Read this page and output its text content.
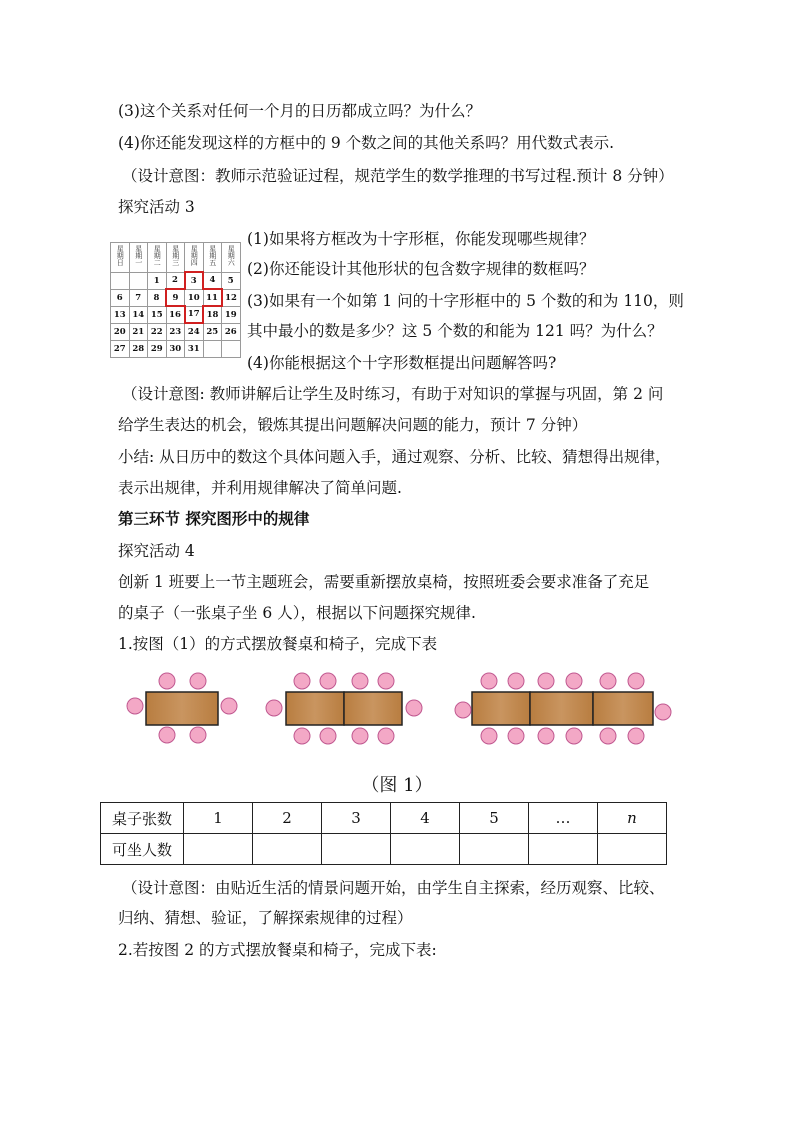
(3)这个关系对任何一个月的日历都成立吗？为什么？
(4)你还能发现这样的方框中的 9 个数之间的其他关系吗？用代数式表示.
（设计意图：教师示范验证过程，规范学生的数学推理的书写过程.预计 8 分钟）
探究活动 3
星期日	星期一	星期二	星期三	星期四	星期五	星期六
		1	2	3	4	5
6	7	8	9	10	11	12
13	14	15	16	17	18	19
20	21	22	23	24	25	26
27	28	29	30	31		
(1)如果将方框改为十字形框，你能发现哪些规律？
(2)你还能设计其他形状的包含数字规律的数框吗？
(3)如果有一个如第 1 问的十字形框中的 5 个数的和为 110，则
其中最小的数是多少？这 5 个数的和能为 121 吗？为什么？
(4)你能根据这个十字形数框提出问题解答吗?
（设计意图: 教师讲解后让学生及时练习，有助于对知识的掌握与巩固，第 2 问
给学生表达的机会，锻炼其提出问题解决问题的能力，预计 7 分钟）
小结: 从日历中的数这个具体问题入手，通过观察、分析、比较、猜想得出规律，
表示出规律，并利用规律解决了简单问题.
第三环节 探究图形中的规律
探究活动 4
创新 1 班要上一节主题班会，需要重新摆放桌椅，按照班委会要求准备了充足
的桌子（一张桌子坐 6 人），根据以下问题探究规律.
1.按图（1）的方式摆放餐桌和椅子，完成下表
（图 1）
桌子张数	1	2	3	4	5	…	n
可坐人数							
（设计意图：由贴近生活的情景问题开始，由学生自主探索，经历观察、比较、
归纳、猜想、验证，了解探索规律的过程）
2.若按图 2 的方式摆放餐桌和椅子，完成下表:
